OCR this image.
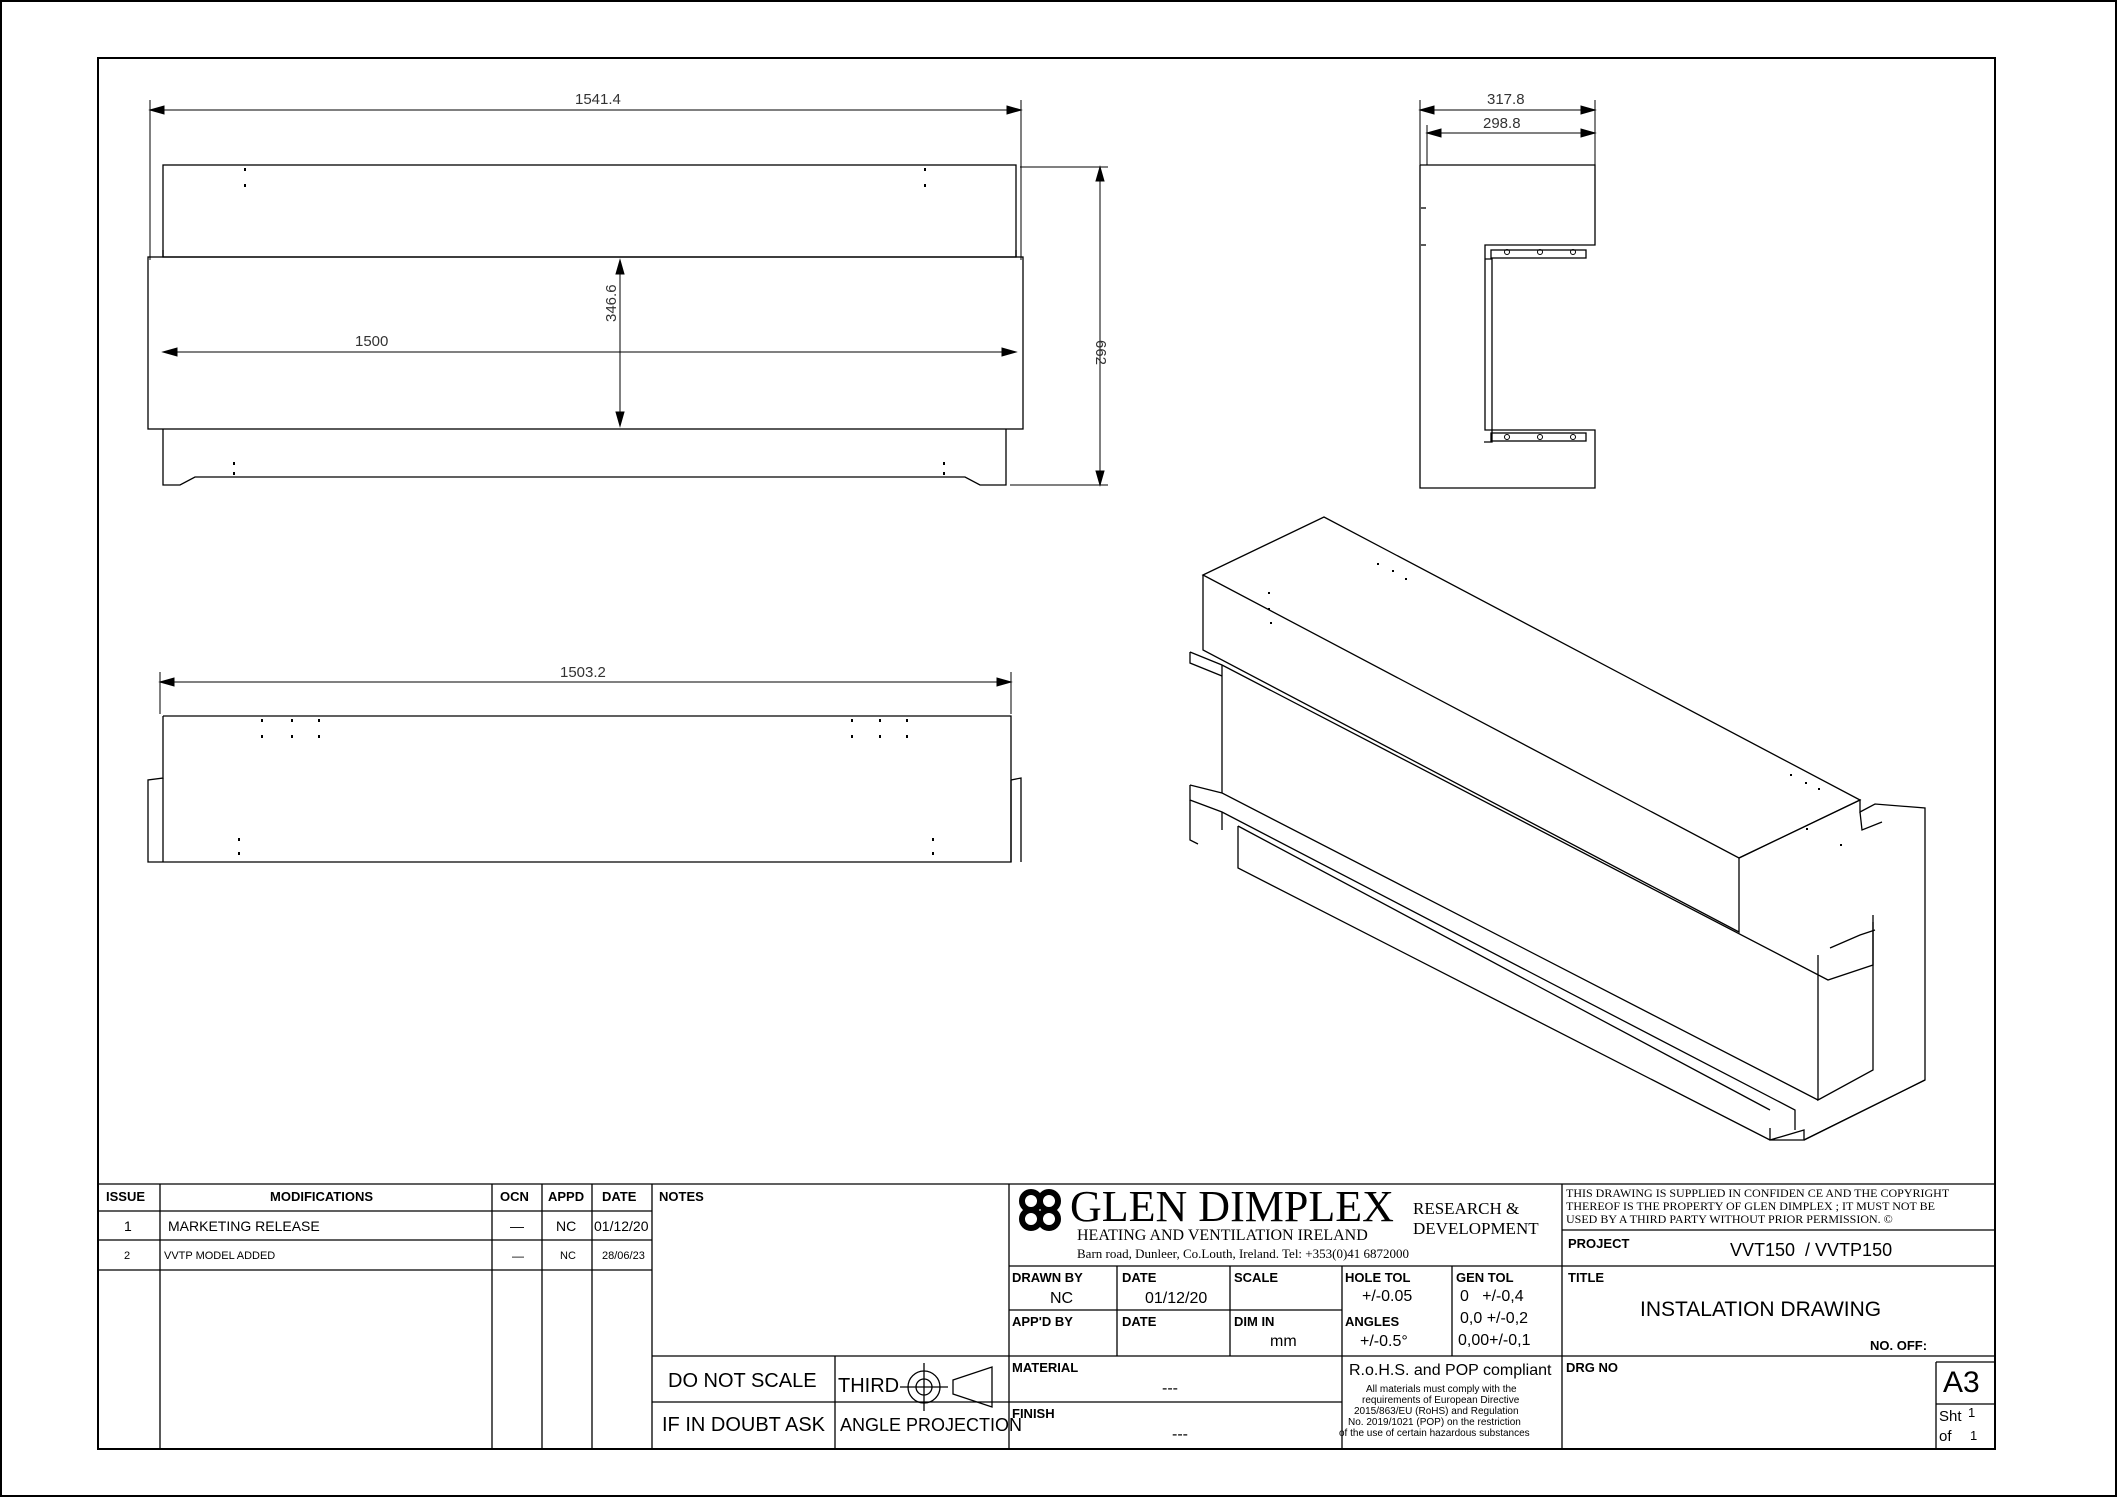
1541.4
1500
346.6
662
317.8
298.8
1503.2
ISSUE	MODIFICATIONS	OCN APPD DATE
1	MARKETING RELEASE	— NC 01/12/20
2	VVTP MODEL ADDED	—	NC 28/06/23
NOTES
DO NOT SCALE
IF IN DOUBT ASK
THIRD
ANGLE PROJECTION
GLEN DIMPLEX
HEATING AND VENTILATION IRELAND
RESEARCH &
DEVELOPMENT
Barn road, Dunleer, Co.Louth, Ireland. Tel: +353(0)41 6872000
DRAWN BY
NC
DATE
01/12/20
SCALE	HOLE TOL
+/-0.05
GEN TOL
0   +/-0,4
0,0 +/-0,2
0,00+/-0,1
APP'D BY	DATE	DIM IN
mm
ANGLES
+/-0.5°
MATERIAL
---
FINISH
---
R.o.H.S. and POP compliant
All materials must comply with the
requirements of European Directive
2015/863/EU (RoHS) and Regulation
No. 2019/1021 (POP) on the restriction
of the use of certain hazardous substances
THIS DRAWING IS SUPPLIED IN CONFIDEN CE AND THE COPYRIGHT
THEREOF IS THE PROPERTY OF GLEN DIMPLEX ; IT MUST NOT BE
USED BY A THIRD PARTY WITHOUT PRIOR PERMISSION. ©
PROJECT	VVT150  / VVTP150
TITLE
INSTALATION DRAWING
NO. OFF:
DRG NO	A3
Sht 1
of 1
